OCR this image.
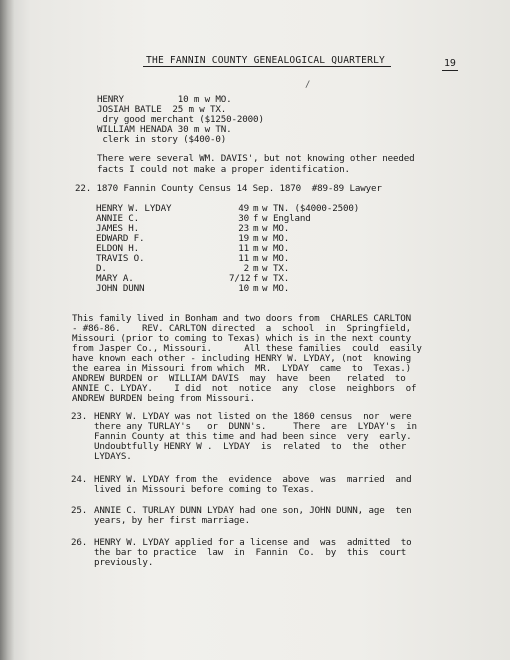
THE FANNIN COUNTY GENEALOGICAL QUARTERLY	19
/
HENRY          10 m w MO.
JOSIAH BATLE  25 m w TX.
dry good merchant ($1250-2000)
WILLIAM HENADA 30 m w TN.
clerk in story ($400-0)
There were several WM. DAVIS', but not knowing other needed
facts I could not make a proper identification.
22. 1870 Fannin County Census 14 Sep. 1870  #89-89 Lawyer
HENRY W. LYDAY	49 m w TN. ($4000-2500)
ANNIE C.	30 f w England
JAMES H.	23 m w MO.
EDWARD F.	19 m w MO.
ELDON H.	11 m w MO.
TRAVIS O.	11 m w MO.
D.	2 m w TX.
MARY A.	7/12 f w TX.
JOHN DUNN	10 m w MO.
This family lived in Bonham and two doors from  CHARLES CARLTON
- #86-86.    REV. CARLTON directed  a  school  in  Springfield,
Missouri (prior to coming to Texas) which is in the next county
from Jasper Co., Missouri.      All these families  could  easily
have known each other - including HENRY W. LYDAY, (not  knowing
the earea in Missouri from which  MR.  LYDAY  came  to  Texas.)
ANDREW BURDEN or  WILLIAM DAVIS  may  have  been   related  to
ANNIE C. LYDAY.    I did  not  notice  any  close  neighbors  of
ANDREW BURDEN being from Missouri.
23. HENRY W. LYDAY was not listed on the 1860 census  nor  were
there any TURLAY's   or  DUNN's.     There  are  LYDAY's  in
Fannin County at this time and had been since  very  early.
Undoubtfully HENRY W .  LYDAY  is  related  to  the  other
LYDAYS.
24. HENRY W. LYDAY from the  evidence  above  was  married  and
lived in Missouri before coming to Texas.
25. ANNIE C. TURLAY DUNN LYDAY had one son, JOHN DUNN, age  ten
years, by her first marriage.
26. HENRY W. LYDAY applied for a license and  was  admitted  to
the bar to practice  law  in  Fannin  Co.  by  this  court
previously.
